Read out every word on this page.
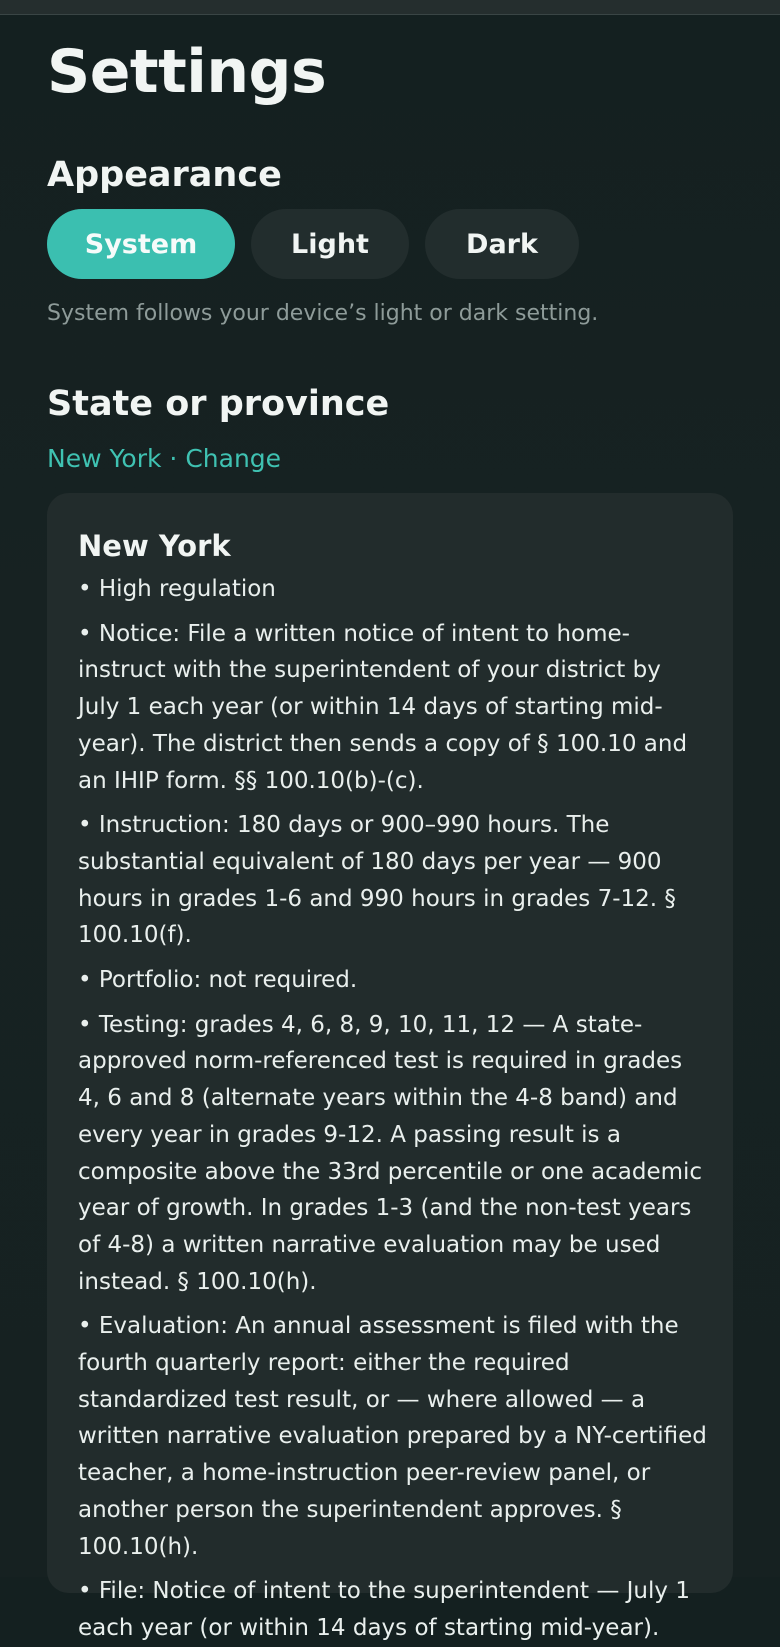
Settings
Appearance
System	Light	Dark
System follows your device’s light or dark setting.
State or province
New York · Change
New York
• High regulation
• Notice: File a written notice of intent to home-instruct with the superintendent of your district by July 1 each year (or within 14 days of starting mid-year). The district then sends a copy of § 100.10 and an IHIP form. §§ 100.10(b)-(c).
• Instruction: 180 days or 900–990 hours. The substantial equivalent of 180 days per year — 900 hours in grades 1-6 and 990 hours in grades 7-12. § 100.10(f).
• Portfolio: not required.
• Testing: grades 4, 6, 8, 9, 10, 11, 12 — A state-approved norm-referenced test is required in grades 4, 6 and 8 (alternate years within the 4-8 band) and every year in grades 9-12. A passing result is a composite above the 33rd percentile or one academic year of growth. In grades 1-3 (and the non-test years of 4-8) a written narrative evaluation may be used instead. § 100.10(h).
• Evaluation: An annual assessment is filed with the fourth quarterly report: either the required standardized test result, or — where allowed — a written narrative evaluation prepared by a NY-certified teacher, a home-instruction peer-review panel, or another person the superintendent approves. § 100.10(h).
• File: Notice of intent to the superintendent — July 1 each year (or within 14 days of starting mid-year).
